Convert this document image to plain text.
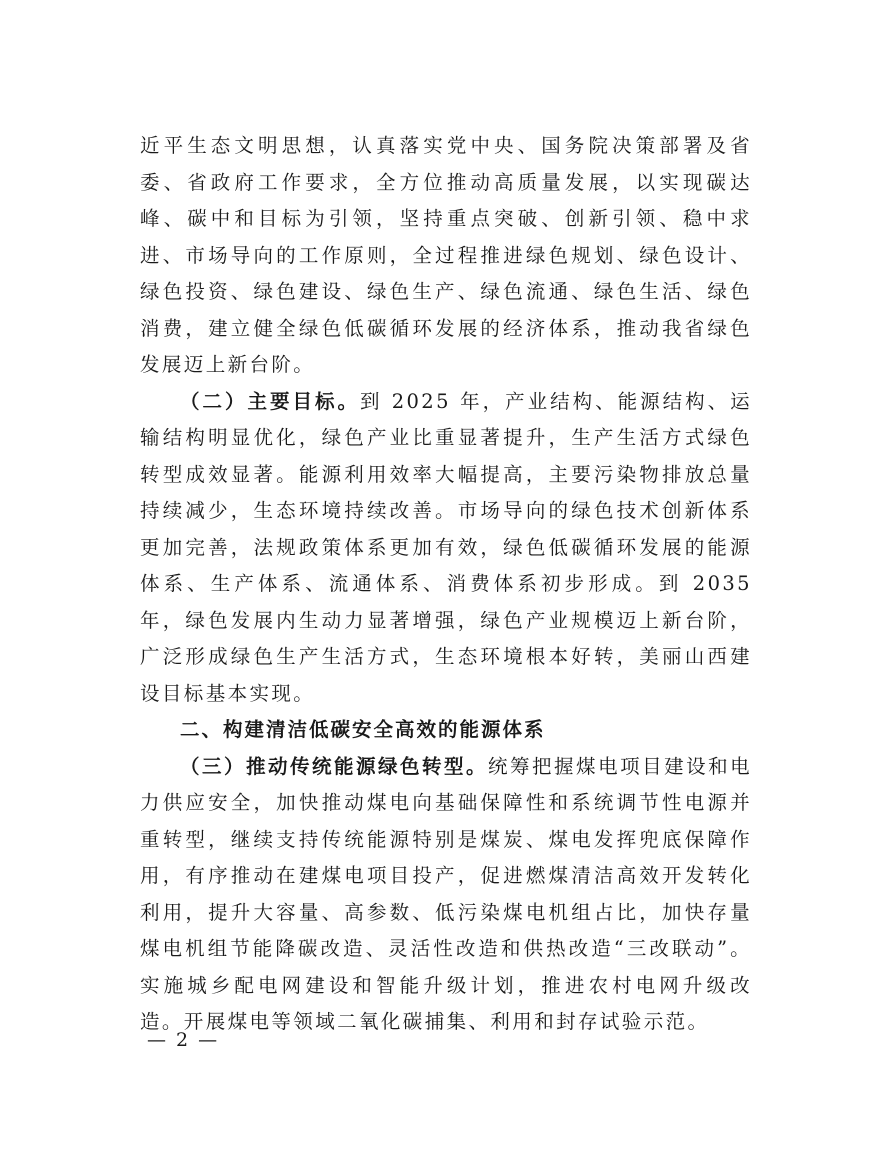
近平生态文明思想，认真落实党中央、国务院决策部署及省委、省政府工作要求，全方位推动高质量发展，以实现碳达峰、碳中和目标为引领，坚持重点突破、创新引领、稳中求进、市场导向的工作原则，全过程推进绿色规划、绿色设计、绿色投资、绿色建设、绿色生产、绿色流通、绿色生活、绿色消费，建立健全绿色低碳循环发展的经济体系，推动我省绿色发展迈上新台阶。

（二）主要目标。到 2025 年，产业结构、能源结构、运输结构明显优化，绿色产业比重显著提升，生产生活方式绿色转型成效显著。能源利用效率大幅提高，主要污染物排放总量持续减少，生态环境持续改善。市场导向的绿色技术创新体系更加完善，法规政策体系更加有效，绿色低碳循环发展的能源体系、生产体系、流通体系、消费体系初步形成。到 2035 年，绿色发展内生动力显著增强，绿色产业规模迈上新台阶，广泛形成绿色生产生活方式，生态环境根本好转，美丽山西建设目标基本实现。

二、构建清洁低碳安全高效的能源体系

（三）推动传统能源绿色转型。统筹把握煤电项目建设和电力供应安全，加快推动煤电向基础保障性和系统调节性电源并重转型，继续支持传统能源特别是煤炭、煤电发挥兜底保障作用，有序推动在建煤电项目投产，促进燃煤清洁高效开发转化利用，提升大容量、高参数、低污染煤电机组占比，加快存量煤电机组节能降碳改造、灵活性改造和供热改造“三改联动”。实施城乡配电网建设和智能升级计划，推进农村电网升级改造。开展煤电等领域二氧化碳捕集、利用和封存试验示范。

— 2 —
